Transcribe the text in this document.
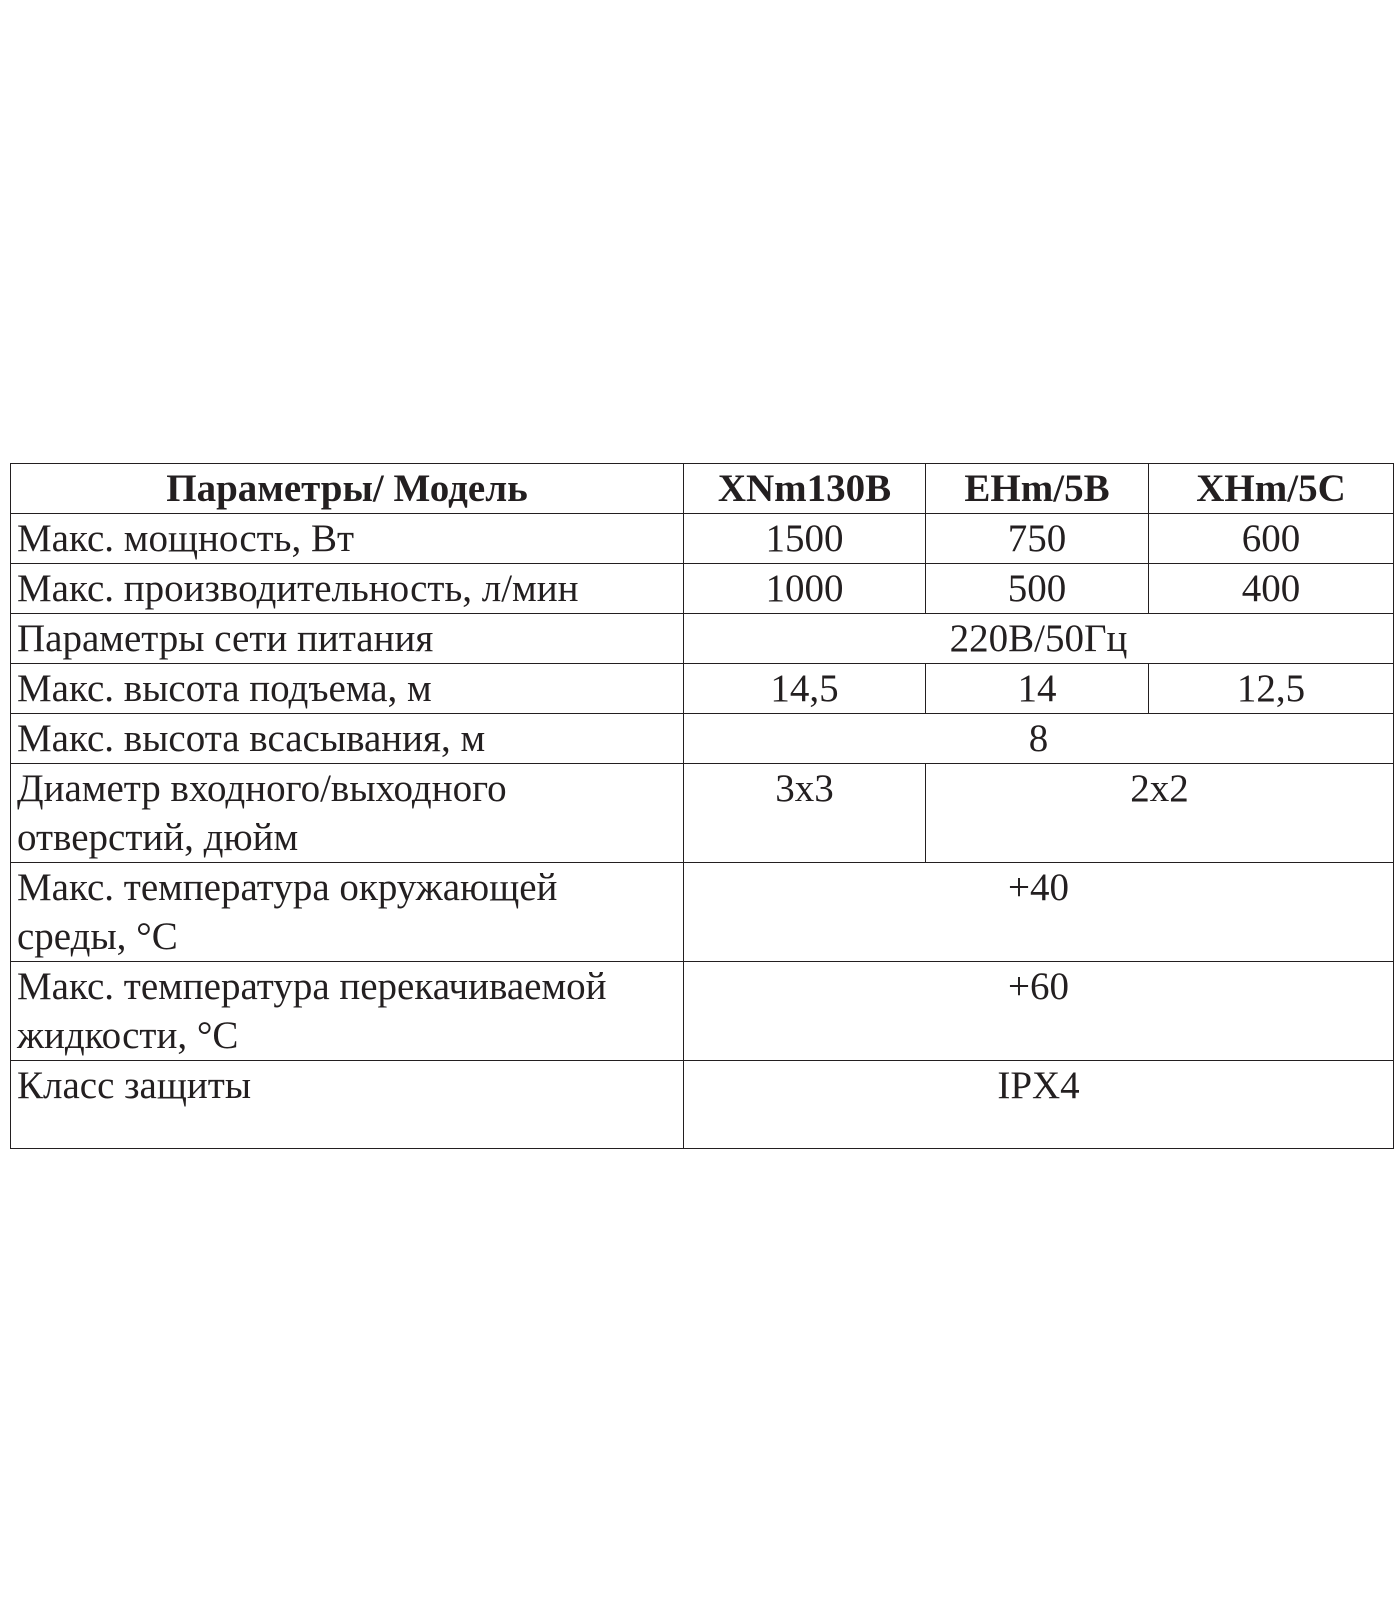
Параметры/ Модель	XNm130B	EHm/5B	XHm/5C
Макс. мощность, Вт	1500	750	600
Макс. производительность, л/мин	1000	500	400
Параметры сети питания	220В/50Гц		
Макс. высота подъема, м	14,5	14	12,5
Макс. высота всасывания, м	8		

Диаметр входного/выходного
отверстий, дюйм	3x3	2x2	

Макс. температура окружающей
среды, °С	+40		

Макс. температура перекачиваемой
жидкости, °С	+60		
Класс защиты	IPX4		
